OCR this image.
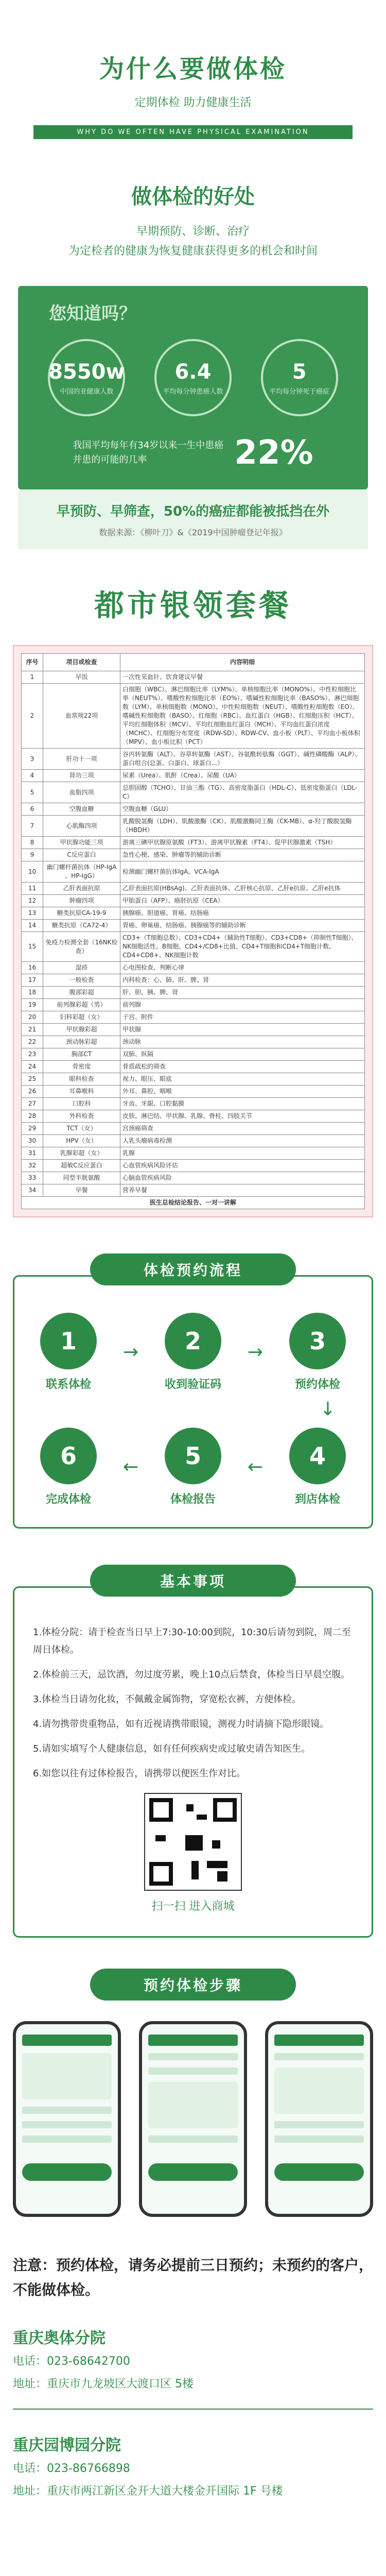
为什么要做体检
定期体检 助力健康生活
WHY DO WE OFTEN HAVE PHYSICAL EXAMINATION
做体检的好处
早期预防、诊断、治疗
为定检者的健康为恢复健康获得更多的机会和时间
您知道吗？
8550w
中国的亚健康人数
6.4
平均每分钟患癌人数
5
平均每分钟死于癌症
我国平均每年有34岁以来一生中患癌并患的可能的几率	22%
早预防、早筛查，50%的癌症都能被抵挡在外
数据来源：《柳叶刀》&《2019中国肿瘤登记年报》
都市银领套餐
序号	项目或检查	内容明细
1	早饭	一次性采血针、饮食建议早餐
2	血常规22项	白细胞（WBC）、淋巴细胞比率（LYM%）、单核细胞比率（MONO%）、中性粒细胞比率（NEUT%）、嗜酸性粒细胞比率（EO%）、嗜碱性粒细胞比率（BASO%）、淋巴细胞数（LYM）、单核细胞数（MONO）、中性粒细胞数（NEUT）、嗜酸性粒细胞数（EO）、嗜碱性粒细胞数（BASO）、红细胞（RBC）、血红蛋白（HGB）、红细胞压积（HCT）、平均红细胞体积（MCV）、平均红细胞血红蛋白（MCH）、平均血红蛋白浓度（MCHC）、红细胞分布宽度（RDW-SD）、RDW-CV、血小板（PLT）、平均血小板体积（MPV）、血小板比积（PCT）
3	肝功十一项	谷丙转氨酶（ALT）、谷草转氨酶（AST）、谷氨酰转肽酶（GGT）、碱性磷酸酶（ALP）、蛋白组合(总蛋、白蛋白、球蛋白...）
4	肾功三项	尿素（Urea）、肌酐（Crea）、尿酸（UA）
5	血脂四项	总胆固醇（TCHO）、甘油三酯（TG）、高密度脂蛋白（HDL-C）、低密度脂蛋白（LDL-C）
6	空腹血糖	空腹血糖（GLU）
7	心肌酶四项	乳酸脱氢酶（LDH）、肌酸激酶（CK）、肌酸激酶同工酶（CK-MB）、α-羟丁酸脱氢酶（HBDH）
8	甲状腺功能三项	游离三碘甲状腺原氨酸（FT3）、游离甲状腺素（FT4）、促甲状腺激素（TSH）
9	C反应蛋白	急性心梗、感染、肿瘤等的辅助诊断
10	幽门螺杆菌抗体（HP-IgA 、HP-IgG）	检测幽门螺杆菌抗体IgA、VCA-IgA
11	乙肝表面抗原	乙肝表面抗原(HBsAg)、乙肝表面抗体、乙肝核心抗原、乙肝e抗原、乙肝e抗体
12	肿瘤四项	甲胎蛋白（AFP）、癌胚抗原（CEA）
13	糖类抗原CA-19-9	胰腺癌、胆道癌、胃癌、结肠癌
14	糖类抗原（CA72-4）	胃癌、卵巢癌、结肠癌、胰腺癌等的辅助诊断
15	免疫力检测全套（16NK检查）	CD3+（T细胞总数）、CD3+CD4+（辅助性T细胞）、CD3+CD8+（抑制性T细胞）、NK细胞活性、B细胞、CD4+/CD8+比值、CD4+T细胞和CD4+T细胞计数、CD4+CD8+、NK细胞计数
16	湿疹	心电图检查、判断心律
17	一般检查	内科检查：心、肺、肝、脾、肾
18	腹部彩超	肝、胆、胰、脾、肾
19	前列腺彩超（男）	前列腺
20	妇科彩超（女）	子宫、附件
21	甲状腺彩超	甲状腺
22	颈动脉彩超	颈动脉
23	胸部CT	双肺、纵隔
24	骨密度	骨质疏松的筛查
25	眼科检查	视力、眼压、眼底
26	耳鼻喉科	外耳、鼻腔、咽喉
27	口腔科	牙齿、牙龈、口腔黏膜
28	外科检查	皮肤、淋巴结、甲状腺、乳腺、脊柱、四肢关节
29	TCT（女）	宫颈癌筛查
30	HPV（女）	人乳头瘤病毒检测
31	乳腺彩超（女）	乳腺
32	超敏C反应蛋白	心血管疾病风险评估
33	同型半胱氨酸	心脑血管疾病风险
34	早餐	营养早餐
医生总检结论报告、一对一讲解		
体检预约流程
1
联系体检
→	2
收到验证码
→	3
预约体检
↓
6
完成体检
←	5
体检报告
←	4
到店体检
基本事项

1.体检分院：请于检查当日早上7:30-10:00到院，10:30后请勿到院，周二至周日体检。

2.体检前三天，忌饮酒，勿过度劳累，晚上10点后禁食，体检当日早晨空腹。

3.体检当日请勿化妆，不佩戴金属饰物，穿宽松衣裤，方便体检。

4.请勿携带贵重物品，如有近视请携带眼镜，测视力时请摘下隐形眼镜。

5.请如实填写个人健康信息，如有任何疾病史或过敏史请告知医生。

6.如您以往有过体检报告，请携带以便医生作对比。

扫一扫 进入商城
预约体检步骤
注意：预约体检，请务必提前三日预约；未预约的客户，不能做体检。
重庆奥体分院
电话：023-68642700
地址：重庆市九龙坡区大渡口区 5楼
重庆园博园分院
电话：023-86766898
地址：重庆市两江新区金开大道大楼金开国际 1F 号楼
